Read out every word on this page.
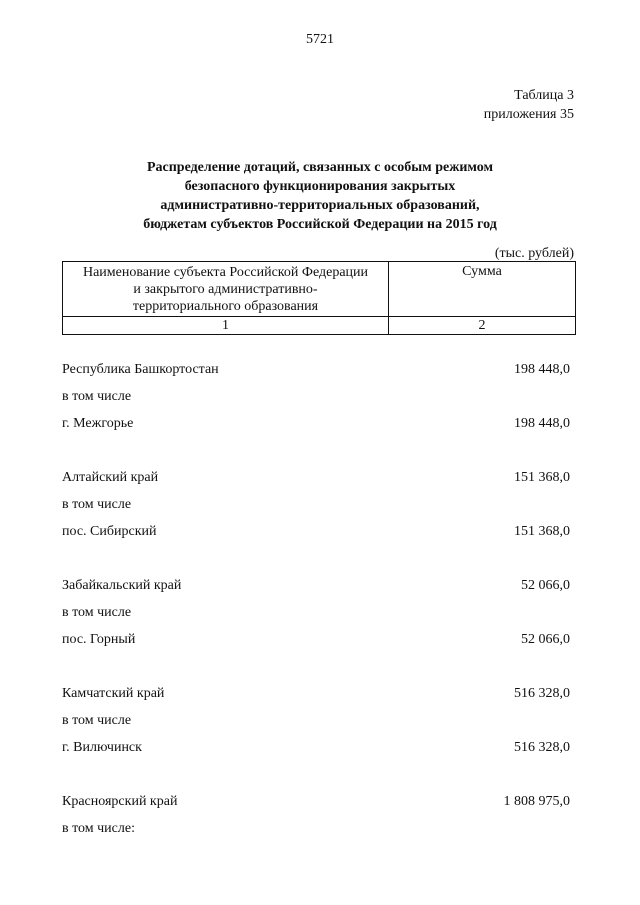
5721
Таблица 3
приложения 35
Распределение дотаций, связанных с особым режимом
безопасного функционирования закрытых
административно-территориальных образований,
бюджетам субъектов Российской Федерации на 2015 год
(тыс. рублей)
Наименование субъекта Российской Федерации
и закрытого административно-
территориального образования	Сумма
1	2
Республика Башкортостан	198 448,0
в том числе
г. Межгорье	198 448,0
Алтайский край	151 368,0
в том числе
пос. Сибирский	151 368,0
Забайкальский край	52 066,0
в том числе
пос. Горный	52 066,0
Камчатский край	516 328,0
в том числе
г. Вилючинск	516 328,0
Красноярский край	1 808 975,0
в том числе:
